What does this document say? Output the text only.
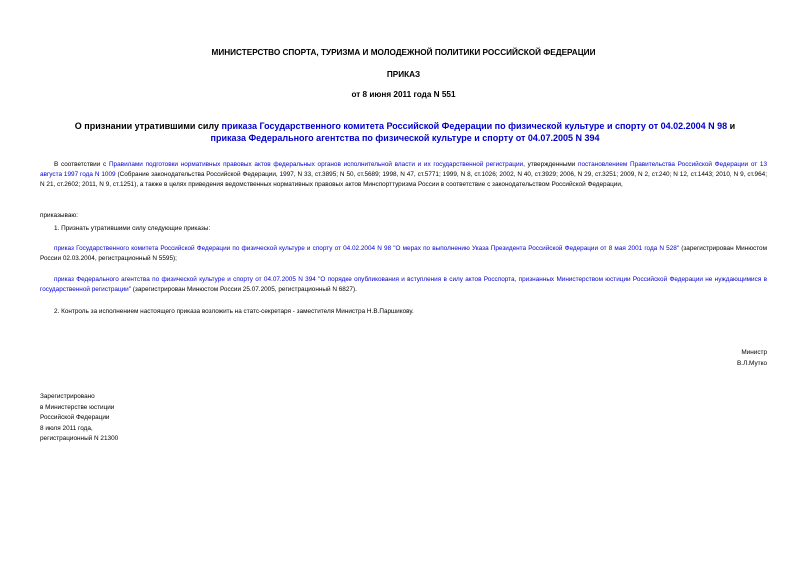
МИНИСТЕРСТВО СПОРТА, ТУРИЗМА И МОЛОДЕЖНОЙ ПОЛИТИКИ РОССИЙСКОЙ ФЕДЕРАЦИИ
ПРИКАЗ
от 8 июня 2011 года N 551
О признании утратившими силу приказа Государственного комитета Российской Федерации по физической культуре и спорту от 04.02.2004 N 98 и приказа Федерального агентства по физической культуре и спорту от 04.07.2005 N 394
В соответствии с Правилами подготовки нормативных правовых актов федеральных органов исполнительной власти и их государственной регистрации, утвержденными постановлением Правительства Российской Федерации от 13 августа 1997 года N 1009 (Собрание законодательства Российской Федерации, 1997, N 33, ст.3895; N 50, ст.5689; 1998, N 47, ст.5771; 1999, N 8, ст.1026; 2002, N 40, ст.3929; 2006, N 29, ст.3251; 2009, N 2, ст.240; N 12, ст.1443; 2010, N 9, ст.964; N 21, ст.2602; 2011, N 9, ст.1251), а также в целях приведения ведомственных нормативных правовых актов Минспорттуризма России в соответствие с законодательством Российской Федерации,
приказываю:
1. Признать утратившими силу следующие приказы:
приказ Государственного комитета Российской Федерации по физической культуре и спорту от 04.02.2004 N 98 "О мерах по выполнению Указа Президента Российской Федерации от 8 мая 2001 года N 528" (зарегистрирован Минюстом России 02.03.2004, регистрационный N 5595);
приказ Федерального агентства по физической культуре и спорту от 04.07.2005 N 394 "О порядке опубликования и вступления в силу актов Росспорта, признанных Министерством юстиции Российской Федерации не нуждающимися в государственной регистрации" (зарегистрирован Минюстом России 25.07.2005, регистрационный N 6827).
2. Контроль за исполнением настоящего приказа возложить на статс-секретаря - заместителя Министра Н.В.Паршикову.
Министр
В.Л.Мутко
Зарегистрировано
в Министерстве юстиции
Российской Федерации
8 июля 2011 года,
регистрационный N 21300
